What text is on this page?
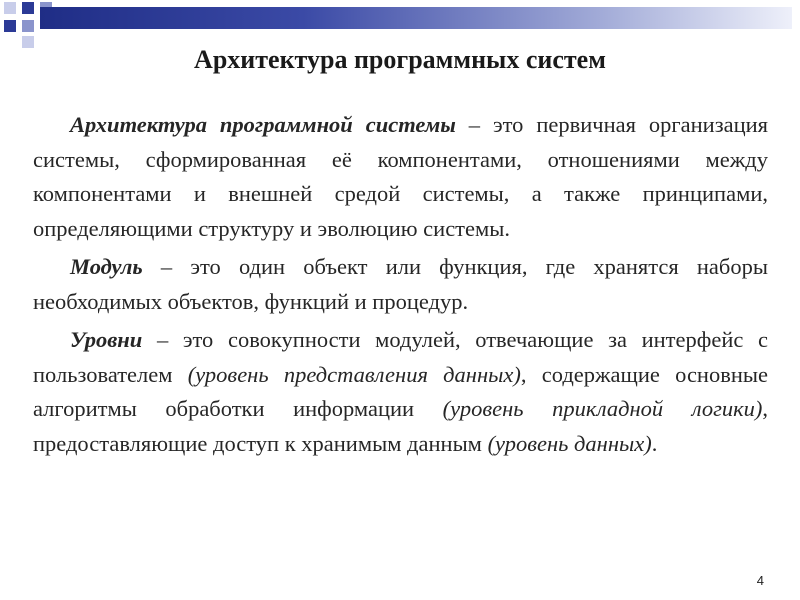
Архитектура программных систем

Архитектура программной системы – это первичная организация системы, сформированная её компонентами, отношениями между компонентами и внешней средой системы, а также принципами, определяющими структуру и эволюцию системы.

Модуль – это один объект или функция, где хранятся наборы необходимых объектов, функций и процедур.

Уровни – это совокупности модулей, отвечающие за интерфейс с пользователем (уровень представления данных), содержащие основные алгоритмы обработки информации (уровень прикладной логики), предоставляющие доступ к хранимым данным (уровень данных).

4
